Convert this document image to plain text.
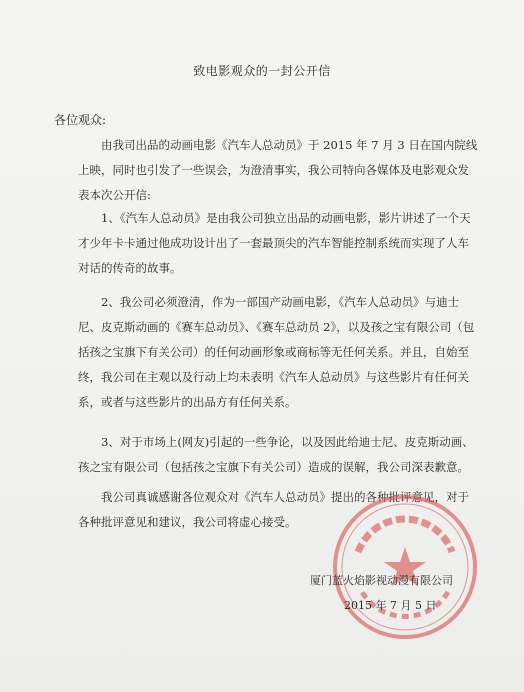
致电影观众的一封公开信
各位观众:

由我司出品的动画电影《汽车人总动员》于 2015 年 7 月 3 日在国内院线上映，同时也引发了一些误会，为澄清事实，我公司特向各媒体及电影观众发表本次公开信:

1、《汽车人总动员》是由我公司独立出品的动画电影，影片讲述了一个天才少年卡卡通过他成功设计出了一套最顶尖的汽车智能控制系统而实现了人车对话的传奇的故事。

2、我公司必须澄清，作为一部国产动画电影，《汽车人总动员》与迪士尼、皮克斯动画的《赛车总动员》、《赛车总动员 2》，以及孩之宝有限公司（包括孩之宝旗下有关公司）的任何动画形象或商标等无任何关系。并且，自始至终，我公司在主观以及行动上均未表明《汽车人总动员》与这些影片有任何关系，或者与这些影片的出品方有任何关系。

3、对于市场上(网友)引起的一些争论，以及因此给迪士尼、皮克斯动画、孩之宝有限公司（包括孩之宝旗下有关公司）造成的误解，我公司深表歉意。

我公司真诚感谢各位观众对《汽车人总动员》提出的各种批评意见，对于各种批评意见和建议，我公司将虚心接受。

厦门蓝火焰影视动漫有限公司
2015 年 7 月 5 日
